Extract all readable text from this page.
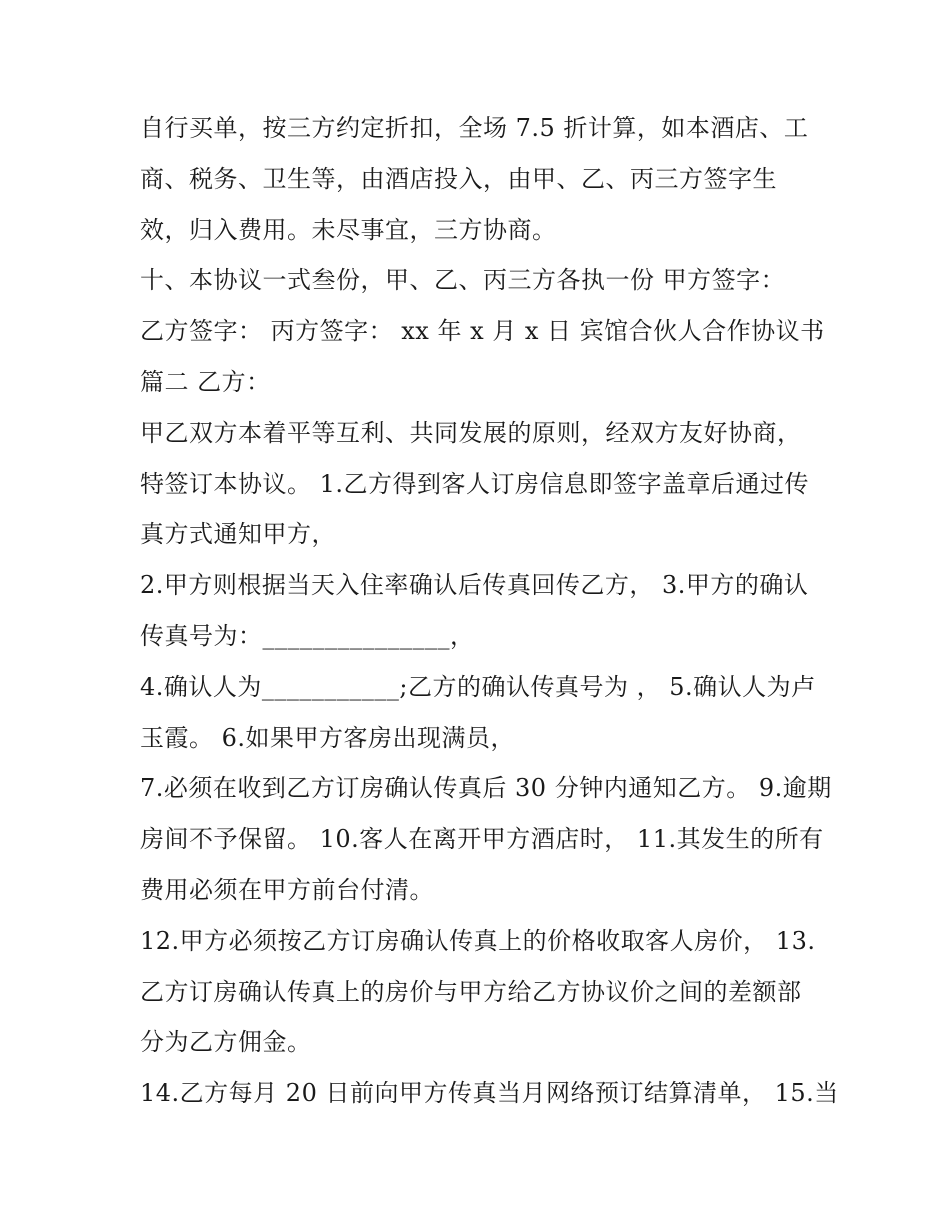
自行买单，按三方约定折扣，全场 7.5 折计算，如本酒店、工
商、税务、卫生等，由酒店投入，由甲、乙、丙三方签字生
效，归入费用。未尽事宜，三方协商。
十、本协议一式叁份，甲、乙、丙三方各执一份 甲方签字：
乙方签字： 丙方签字： xx 年 x 月 x 日 宾馆合伙人合作协议书
篇二 乙方：
甲乙双方本着平等互利、共同发展的原则，经双方友好协商，
特签订本协议。 1.乙方得到客人订房信息即签字盖章后通过传
真方式通知甲方，
2.甲方则根据当天入住率确认后传真回传乙方， 3.甲方的确认
传真号为：_______________，
4.确认人为___________;乙方的确认传真号为 ， 5.确认人为卢
玉霞。 6.如果甲方客房出现满员，
7.必须在收到乙方订房确认传真后 30 分钟内通知乙方。 9.逾期
房间不予保留。 10.客人在离开甲方酒店时， 11.其发生的所有
费用必须在甲方前台付清。
12.甲方必须按乙方订房确认传真上的价格收取客人房价， 13.
乙方订房确认传真上的房价与甲方给乙方协议价之间的差额部
分为乙方佣金。
14.乙方每月 20 日前向甲方传真当月网络预订结算清单， 15.当
